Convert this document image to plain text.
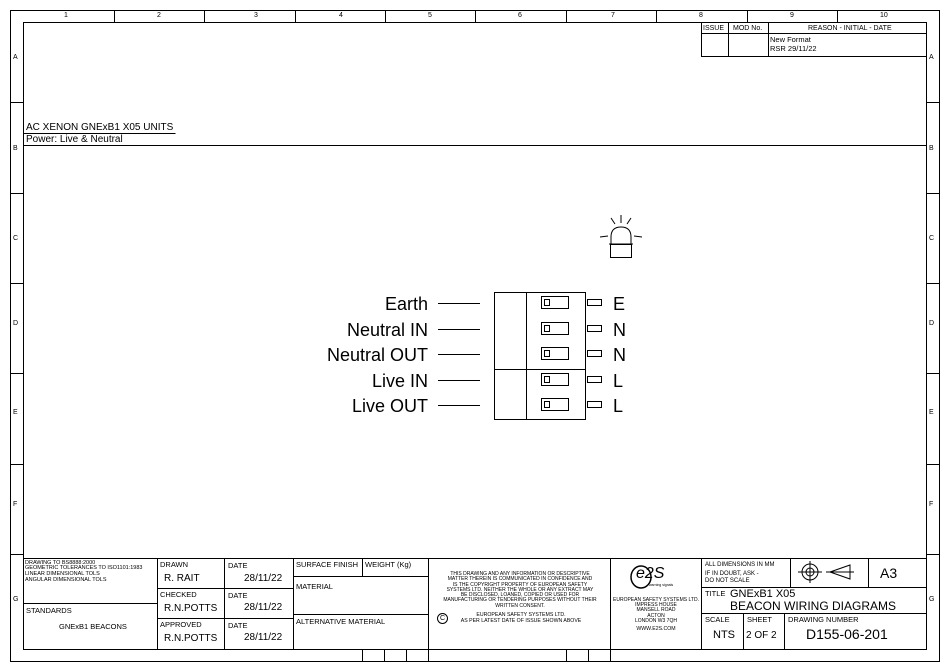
1	2	3	4	5	6	7	8	9	10
A
B
C
D
E
F
G
A
B
C
D
E
F
G
ISSUE MOD No.	REASON - INITIAL - DATE
New Format
RSR 29/11/22
AC XENON GNExB1 X05 UNITS
Power: Live & Neutral
Earth	E
Neutral IN	N
Neutral OUT	N
Live IN	L
Live OUT	L
DRAWING TO BS8888:2000
GEOMETRIC TOLERANCES TO ISO1101:1983
LINEAR DIMENSIONAL TOLS
ANGULAR DIMENSIONAL TOLS
STANDARDS
GNExB1 BEACONS
DRAWN
R. RAIT
DATE
28/11/22
CHECKED
R.N.POTTS
DATE
28/11/22
APPROVED
R.N.POTTS
DATE
28/11/22
SURFACE FINISH WEIGHT (Kg)
MATERIAL
ALTERNATIVE MATERIAL
THIS DRAWING AND ANY INFORMATION OR DESCRIPTIVE
MATTER THEREIN IS COMMUNICATED IN CONFIDENCE AND
IS THE COPYRIGHT PROPERTY OF EUROPEAN SAFETY
SYSTEMS LTD. NEITHER THE WHOLE OR ANY EXTRACT MAY
BE DISCLOSED, LOANED, COPIED OR USED FOR
MANUFACTURING OR TENDERING PURPOSES WITHOUT THEIR
WRITTEN CONSENT.
C	EUROPEAN SAFETY SYSTEMS LTD.
AS PER LATEST DATE OF ISSUE SHOWN ABOVE
e2S
warning signals
EUROPEAN SAFETY SYSTEMS LTD.
IMPRESS HOUSE
MANSELL ROAD
ACTON
LONDON W3 7QH
WWW.E2S.COM
ALL DIMENSIONS IN MM
IF IN DOUBT, ASK -
DO NOT SCALE	A3
TITLE GNExB1 X05
BEACON WIRING DIAGRAMS
SCALE
NTS
SHEET
2 OF 2
DRAWING NUMBER
D155-06-201
